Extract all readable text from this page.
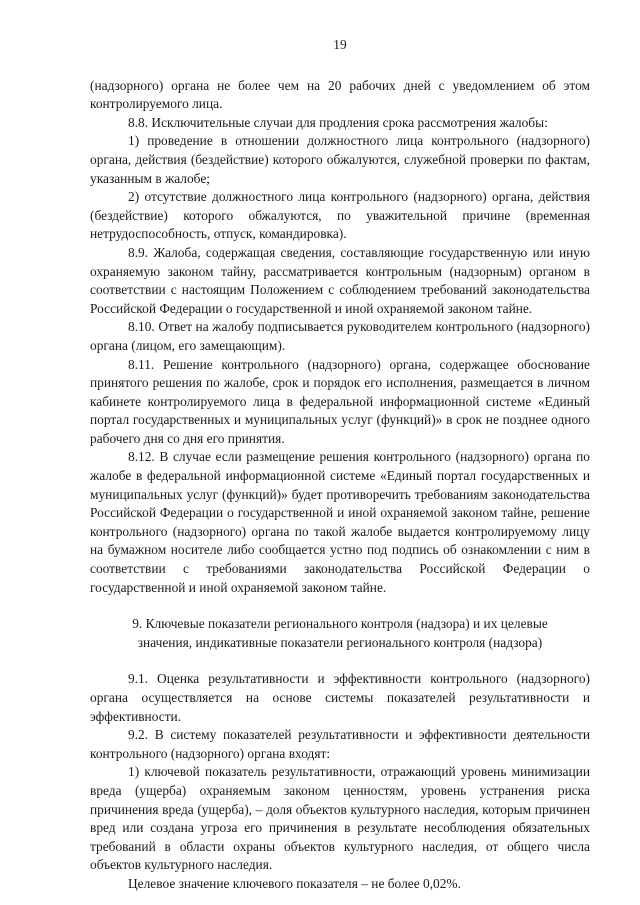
19

(надзорного) органа не более чем на 20 рабочих дней с уведомлением об этом контролируемого лица.

8.8. Исключительные случаи для продления срока рассмотрения жалобы:

1) проведение в отношении должностного лица контрольного (надзорного) органа, действия (бездействие) которого обжалуются, служебной проверки по фактам, указанным в жалобе;

2) отсутствие должностного лица контрольного (надзорного) органа, действия (бездействие) которого обжалуются, по уважительной причине (временная нетрудоспособность, отпуск, командировка).

8.9. Жалоба, содержащая сведения, составляющие государственную или иную охраняемую законом тайну, рассматривается контрольным (надзорным) органом в соответствии с настоящим Положением с соблюдением требований законодательства Российской Федерации о государственной и иной охраняемой законом тайне.

8.10. Ответ на жалобу подписывается руководителем контрольного (надзорного) органа (лицом, его замещающим).

8.11. Решение контрольного (надзорного) органа, содержащее обоснование принятого решения по жалобе, срок и порядок его исполнения, размещается в личном кабинете контролируемого лица в федеральной информационной системе «Единый портал государственных и муниципальных услуг (функций)» в срок не позднее одного рабочего дня со дня его принятия.

8.12. В случае если размещение решения контрольного (надзорного) органа по жалобе в федеральной информационной системе «Единый портал государственных и муниципальных услуг (функций)» будет противоречить требованиям законодательства Российской Федерации о государственной и иной охраняемой законом тайне, решение контрольного (надзорного) органа по такой жалобе выдается контролируемому лицу на бумажном носителе либо сообщается устно под подпись об ознакомлении с ним в соответствии с требованиями законодательства Российской Федерации о государственной и иной охраняемой законом тайне.

9. Ключевые показатели регионального контроля (надзора) и их целевые значения, индикативные показатели регионального контроля (надзора)

9.1. Оценка результативности и эффективности контрольного (надзорного) органа осуществляется на основе системы показателей результативности и эффективности.

9.2. В систему показателей результативности и эффективности деятельности контрольного (надзорного) органа входят:

1) ключевой показатель результативности, отражающий уровень минимизации вреда (ущерба) охраняемым законом ценностям, уровень устранения риска причинения вреда (ущерба), – доля объектов культурного наследия, которым причинен вред или создана угроза его причинения в результате несоблюдения обязательных требований в области охраны объектов культурного наследия, от общего числа объектов культурного наследия.

Целевое значение ключевого показателя – не более 0,02%.
